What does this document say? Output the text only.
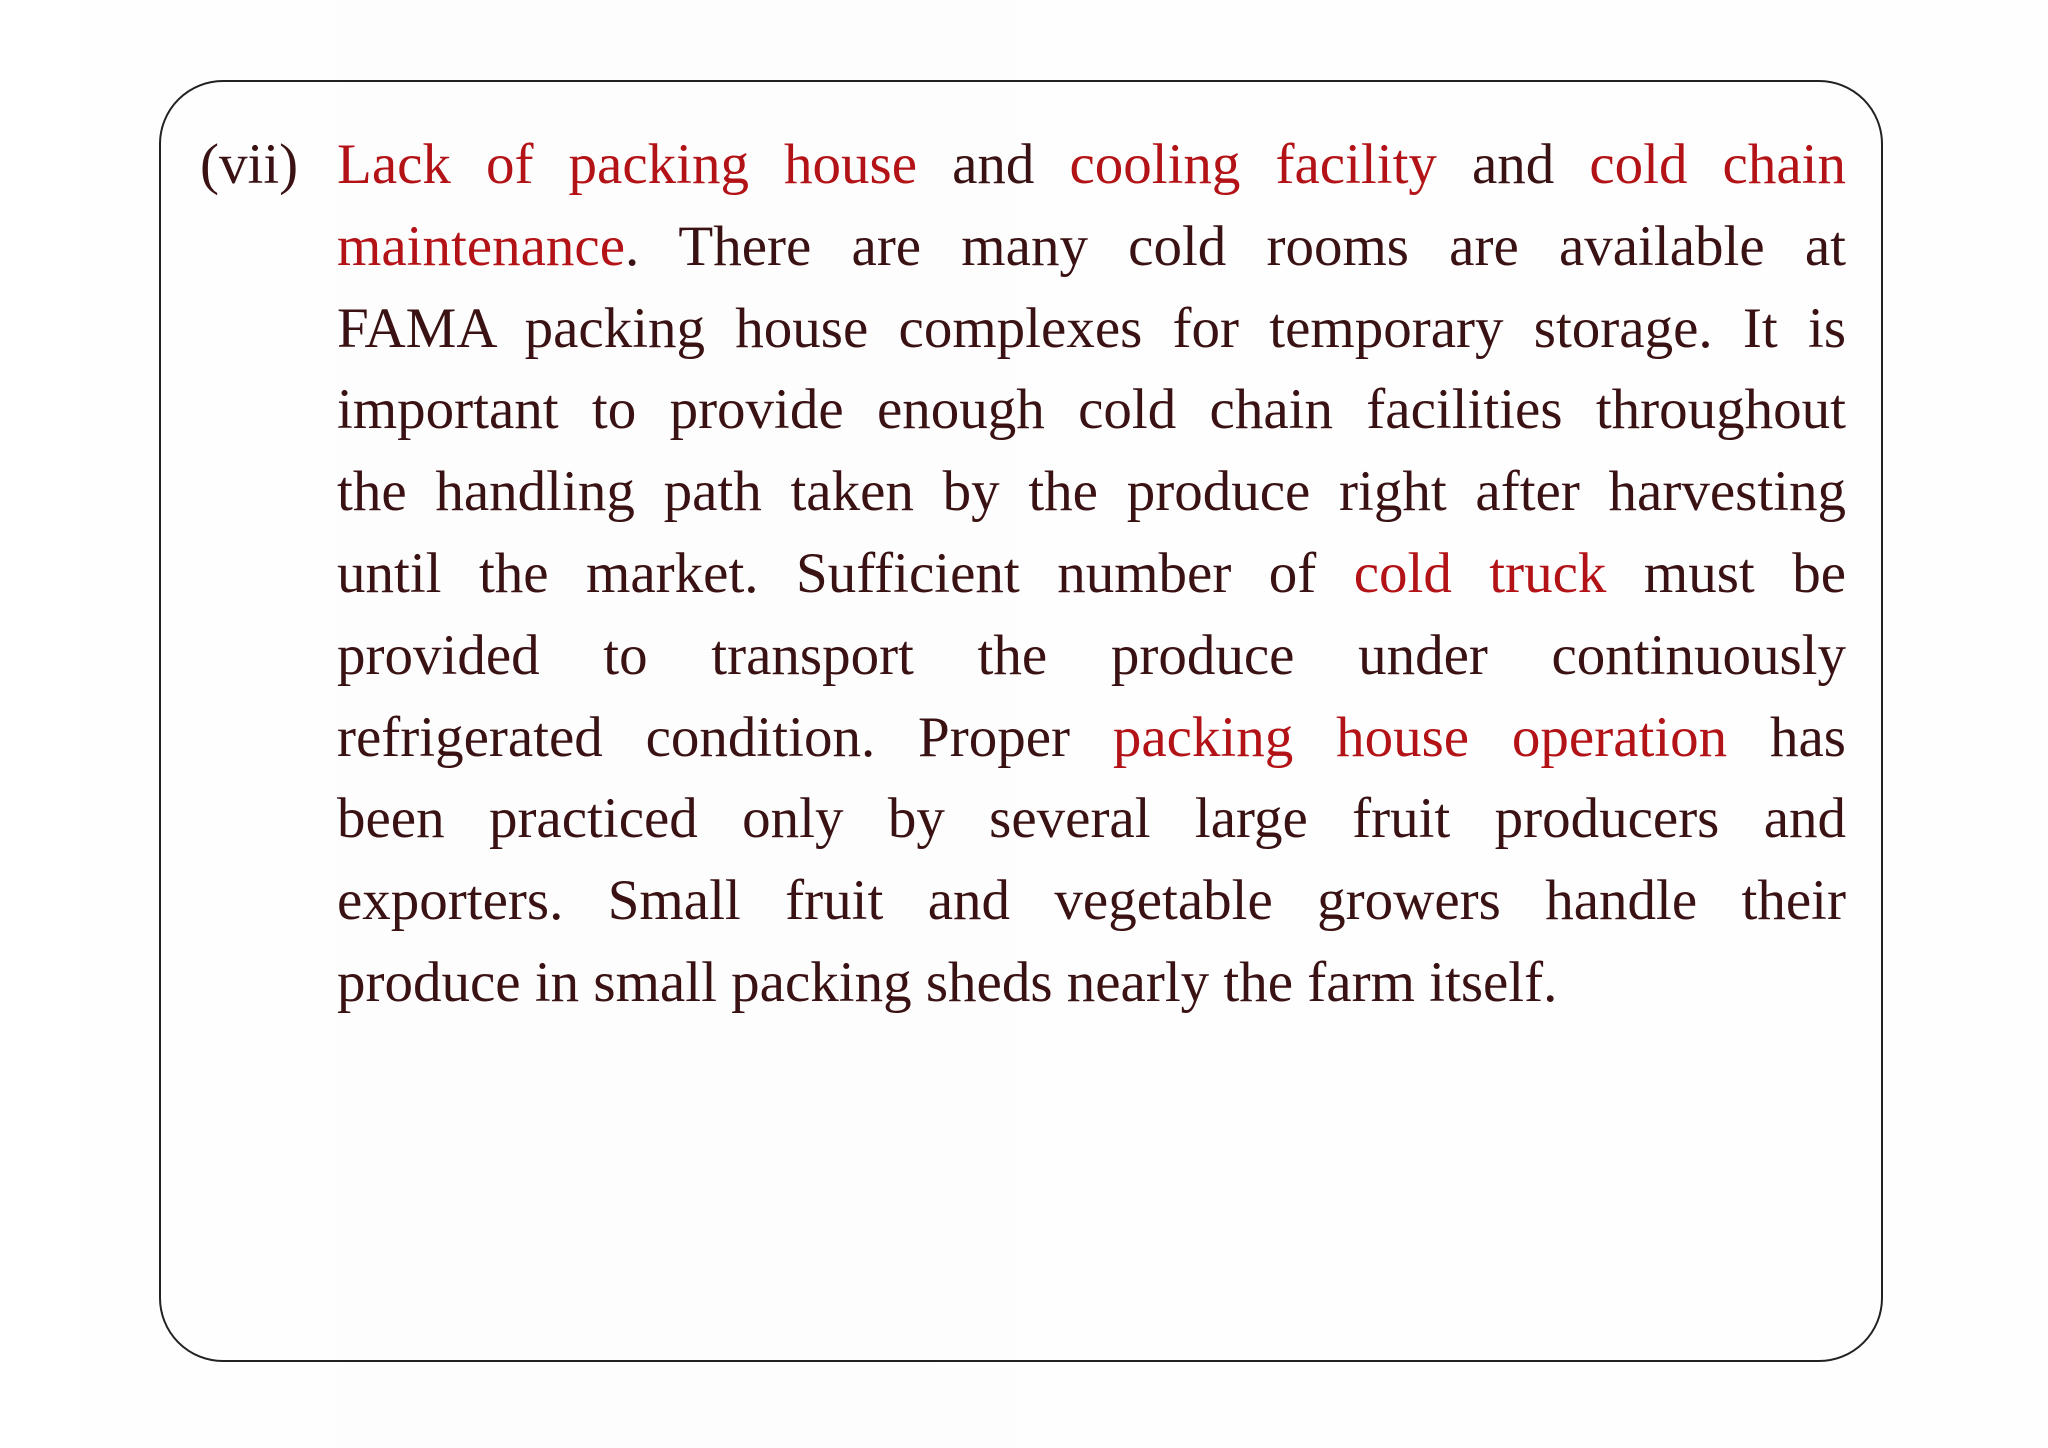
(vii) Lack of packing house and cooling facility and cold chain
maintenance. There are many cold rooms are available at
FAMA packing house complexes for temporary storage. It is
important to provide enough cold chain facilities throughout
the handling path taken by the produce right after harvesting
until the market. Sufficient number of cold truck must be
provided to transport the produce under continuously
refrigerated condition. Proper packing house operation has
been practiced only by several large fruit producers and
exporters. Small fruit and vegetable growers handle their
produce in small packing sheds nearly the farm itself.
